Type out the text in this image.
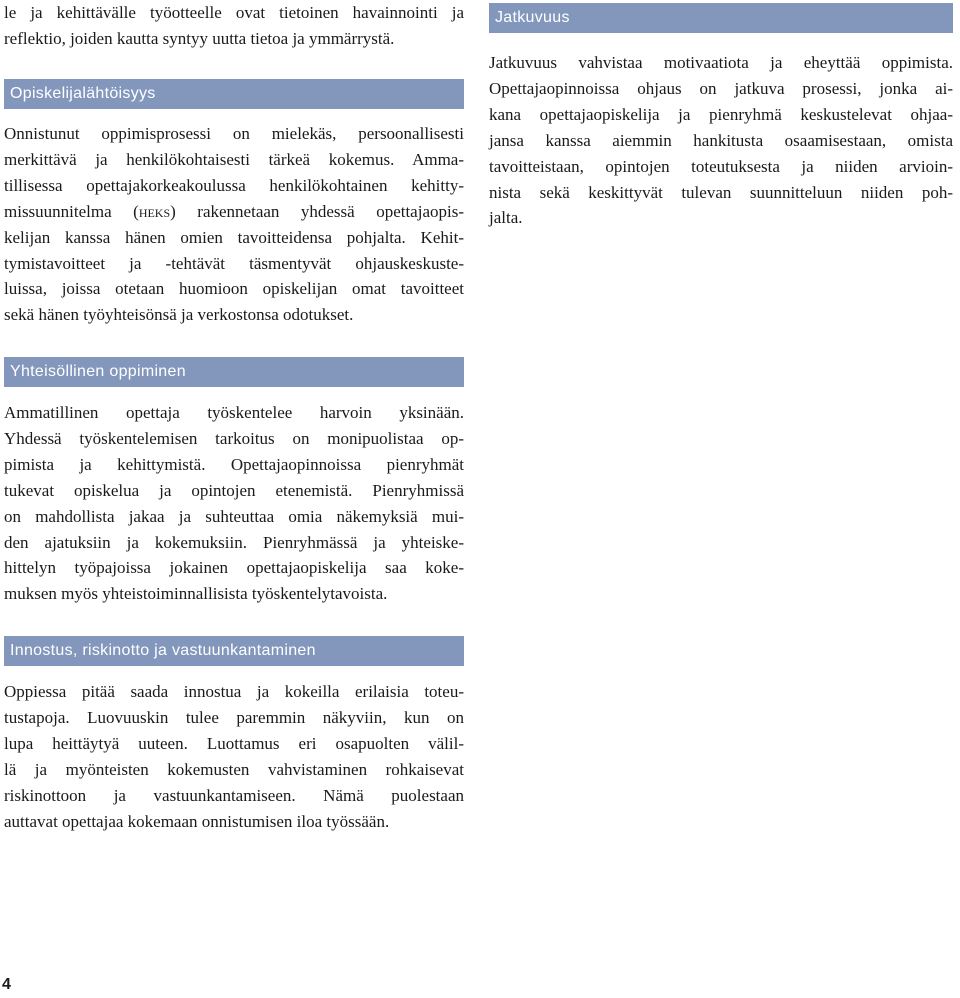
le ja kehittävälle työotteelle ovat tietoinen havainnointi ja
reflektio, joiden kautta syntyy uutta tietoa ja ymmärrystä.
Opiskelijalähtöisyys
Onnistunut oppimisprosessi on mielekäs, persoonallisesti
merkittävä ja henkilökohtaisesti tärkeä kokemus. Amma-
tillisessa opettajakorkeakoulussa henkilökohtainen kehitty-
missuunnitelma (heks) rakennetaan yhdessä opettajaopis-
kelijan kanssa hänen omien tavoitteidensa pohjalta. Kehit-
tymistavoitteet ja -tehtävät täsmentyvät ohjauskeskuste-
luissa, joissa otetaan huomioon opiskelijan omat tavoitteet
sekä hänen työyhteisönsä ja verkostonsa odotukset.
Yhteisöllinen oppiminen
Ammatillinen opettaja työskentelee harvoin yksinään.
Yhdessä työskentelemisen tarkoitus on monipuolistaa op-
pimista ja kehittymistä. Opettajaopinnoissa pienryhmät
tukevat opiskelua ja opintojen etenemistä. Pienryhmissä
on mahdollista jakaa ja suhteuttaa omia näkemyksiä mui-
den ajatuksiin ja kokemuksiin. Pienryhmässä ja yhteiske-
hittelyn työpajoissa jokainen opettajaopiskelija saa koke-
muksen myös yhteistoiminnallisista työskentelytavoista.
Innostus, riskinotto ja vastuunkantaminen
Oppiessa pitää saada innostua ja kokeilla erilaisia toteu-
tustapoja. Luovuuskin tulee paremmin näkyviin, kun on
lupa heittäytyä uuteen. Luottamus eri osapuolten välil-
lä ja myönteisten kokemusten vahvistaminen rohkaisevat
riskinottoon ja vastuunkantamiseen. Nämä puolestaan
auttavat opettajaa kokemaan onnistumisen iloa työssään.
Jatkuvuus
Jatkuvuus vahvistaa motivaatiota ja eheyttää oppimista.
Opettajaopinnoissa ohjaus on jatkuva prosessi, jonka ai-
kana opettajaopiskelija ja pienryhmä keskustelevat ohjaa-
jansa kanssa aiemmin hankitusta osaamisestaan, omista
tavoitteistaan, opintojen toteutuksesta ja niiden arvioin-
nista sekä keskittyvät tulevan suunnitteluun niiden poh-
jalta.
4
